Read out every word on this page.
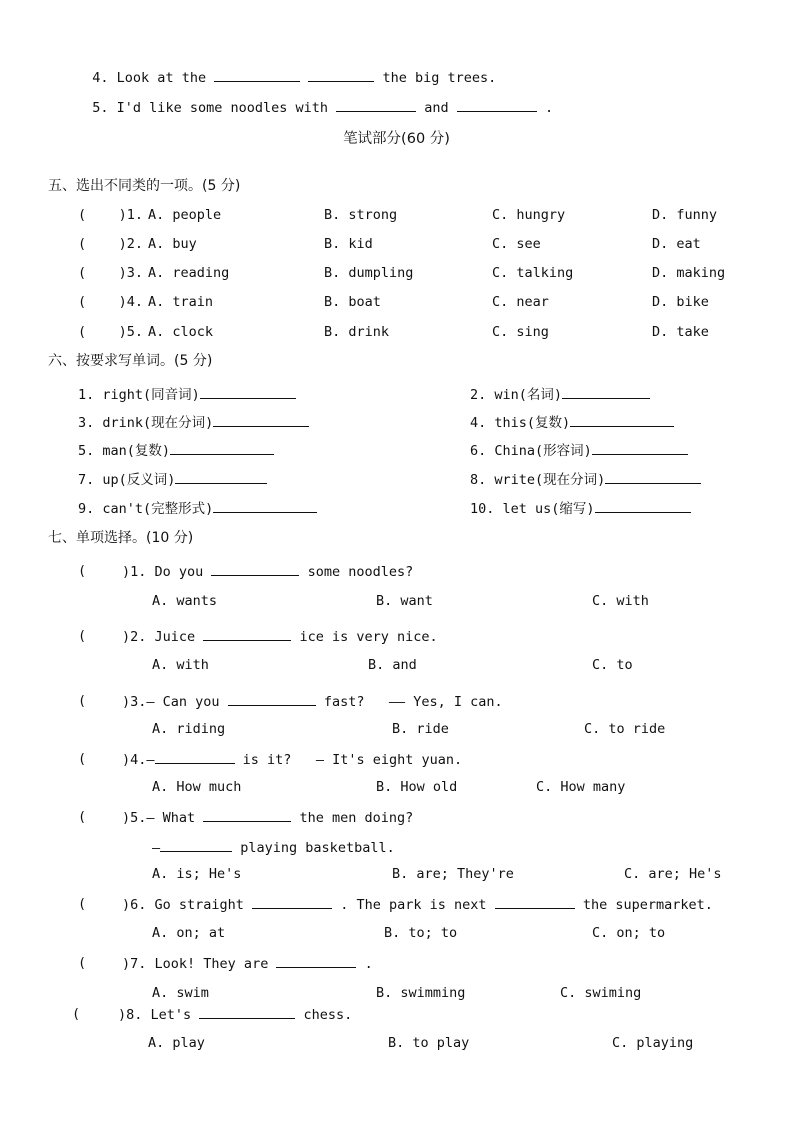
4. Look at the	the big trees.

5. I'd like some noodles with	and	.

笔试部分(60 分)
五、选出不同类的一项。(5 分)
(    )1. A. people	B. strong	C. hungry	D. funny
(    )2. A. buy	B. kid	C. see	D. eat
(    )3. A. reading	B. dumpling	C. talking	D. making
(    )4. A. train	B. boat	C. near	D. bike
(    )5. A. clock	B. drink	C. sing	D. take
六、按要求写单词。(5 分)
1. right(同音词)	2. win(名词)
3. drink(现在分词)	4. this(复数)
5. man(复数)	6. China(形容词)
7. up(反义词)	8. write(现在分词)
9. can't(完整形式)	10. let us(缩写)
七、单项选择。(10 分)
(	)1. Do you	some noodles?
A. wants	B. want	C. with
(	)2. Juice	ice is very nice.
A. with	B. and	C. to
(	)3.— Can you	fast? —— Yes, I can.
A. riding	B. ride	C. to ride
(	)4.—	is it? — It's eight yuan.
A. How much	B. How old	C. How many
(	)5.— What	the men doing?
—	playing basketball.
A. is; He's	B. are; They're	C. are; He's
(	)6. Go straight	. The park is next	the supermarket.
A. on; at	B. to; to	C. on; to
(	)7. Look! They are	.
A. swim	B. swimming	C. swiming
(	)8. Let's	chess.
A. play	B. to play	C. playing
